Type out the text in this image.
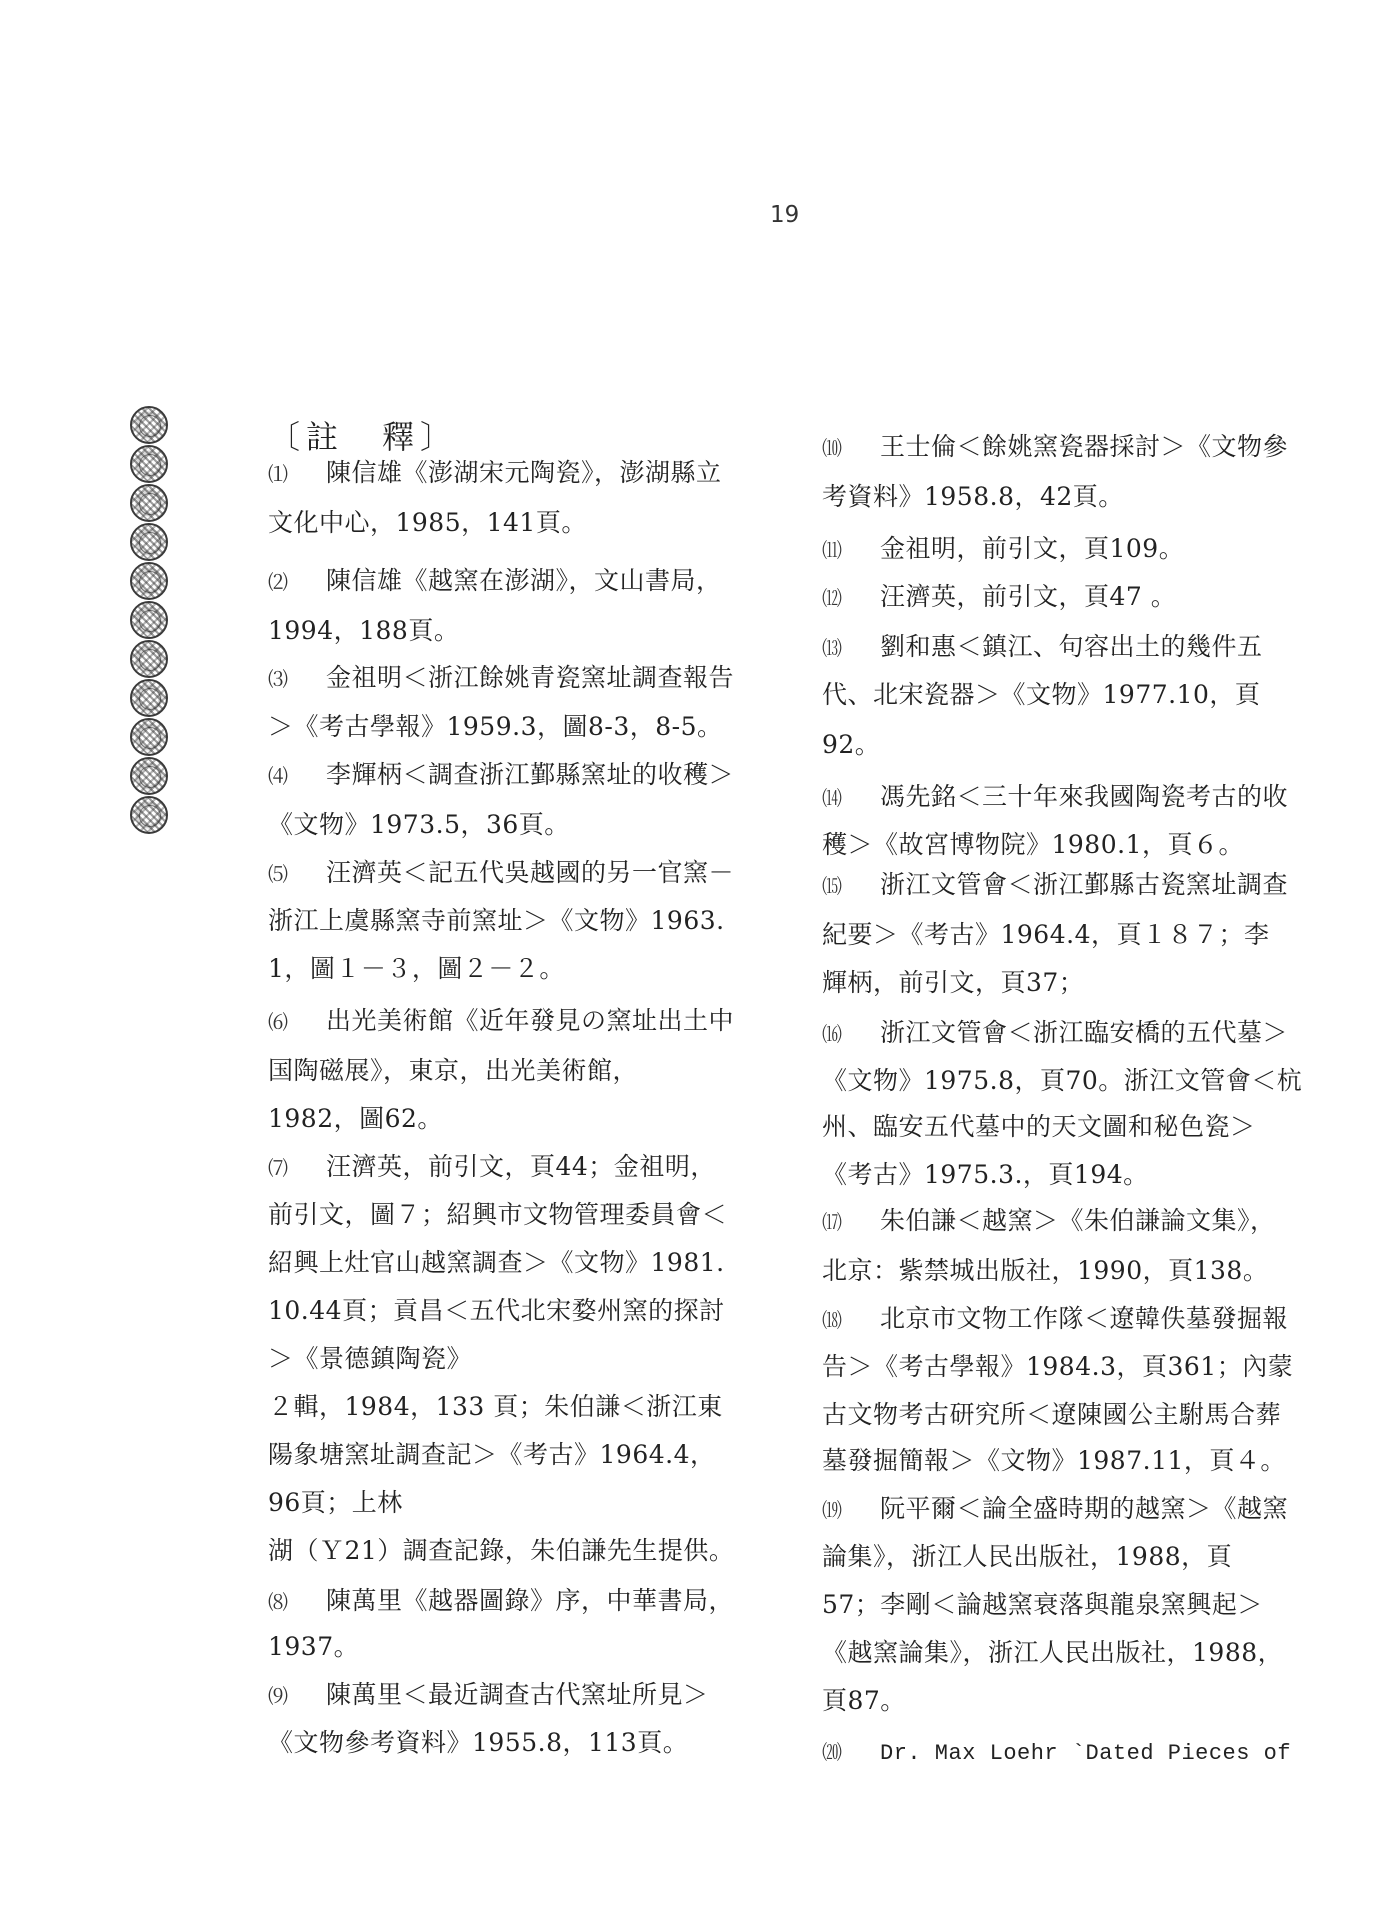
19
〔註　釋〕
⑴ 陳信雄《澎湖宋元陶瓷》，澎湖縣立
文化中心，1985，141頁。
⑵ 陳信雄《越窯在澎湖》，文山書局，
1994，188頁。
⑶ 金祖明＜浙江餘姚青瓷窯址調查報告
＞《考古學報》1959.3，圖8-3，8-5。
⑷ 李輝柄＜調查浙江鄞縣窯址的收穫＞
《文物》1973.5，36頁。
⑸ 汪濟英＜記五代吳越國的另一官窯－
浙江上虞縣窯寺前窯址＞《文物》1963.
1，圖１－３，圖２－２。
⑹ 出光美術館《近年發見の窯址出土中
国陶磁展》，東京，出光美術館，
1982，圖62。
⑺ 汪濟英，前引文，頁44；金祖明，
前引文，圖７；紹興市文物管理委員會＜
紹興上灶官山越窯調查＞《文物》1981.
10.44頁；貢昌＜五代北宋婺州窯的探討
＞《景德鎮陶瓷》
２輯，1984，133 頁；朱伯謙＜浙江東
陽象塘窯址調查記＞《考古》1964.4，
96頁；上林
湖（Ｙ21）調查記錄，朱伯謙先生提供。
⑻ 陳萬里《越器圖錄》序，中華書局，
1937。
⑼ 陳萬里＜最近調查古代窯址所見＞
《文物參考資料》1955.8，113頁。
⑽ 王士倫＜餘姚窯瓷器採討＞《文物參
考資料》1958.8，42頁。
⑾ 金祖明，前引文，頁109。
⑿ 汪濟英，前引文，頁47 。
⒀ 劉和惠＜鎮江、句容出土的幾件五
代、北宋瓷器＞《文物》1977.10，頁
92。
⒁ 馮先銘＜三十年來我國陶瓷考古的收
穫＞《故宮博物院》1980.1，頁６。
⒂ 浙江文管會＜浙江鄞縣古瓷窯址調查
紀要＞《考古》1964.4，頁１８７；李
輝柄，前引文，頁37；
⒃ 浙江文管會＜浙江臨安橋的五代墓＞
《文物》1975.8，頁70。浙江文管會＜杭
州、臨安五代墓中的天文圖和秘色瓷＞
《考古》1975.3.，頁194。
⒄ 朱伯謙＜越窯＞《朱伯謙論文集》，
北京：紫禁城出版社，1990，頁138。
⒅ 北京市文物工作隊＜遼韓佚墓發掘報
告＞《考古學報》1984.3，頁361；內蒙
古文物考古研究所＜遼陳國公主駙馬合葬
墓發掘簡報＞《文物》1987.11，頁４。
⒆ 阮平爾＜論全盛時期的越窯＞《越窯
論集》，浙江人民出版社，1988，頁
57；李剛＜論越窯衰落與龍泉窯興起＞
《越窯論集》，浙江人民出版社，1988，
頁87。
⒇ Dr. Max Loehr `Dated Pieces of
